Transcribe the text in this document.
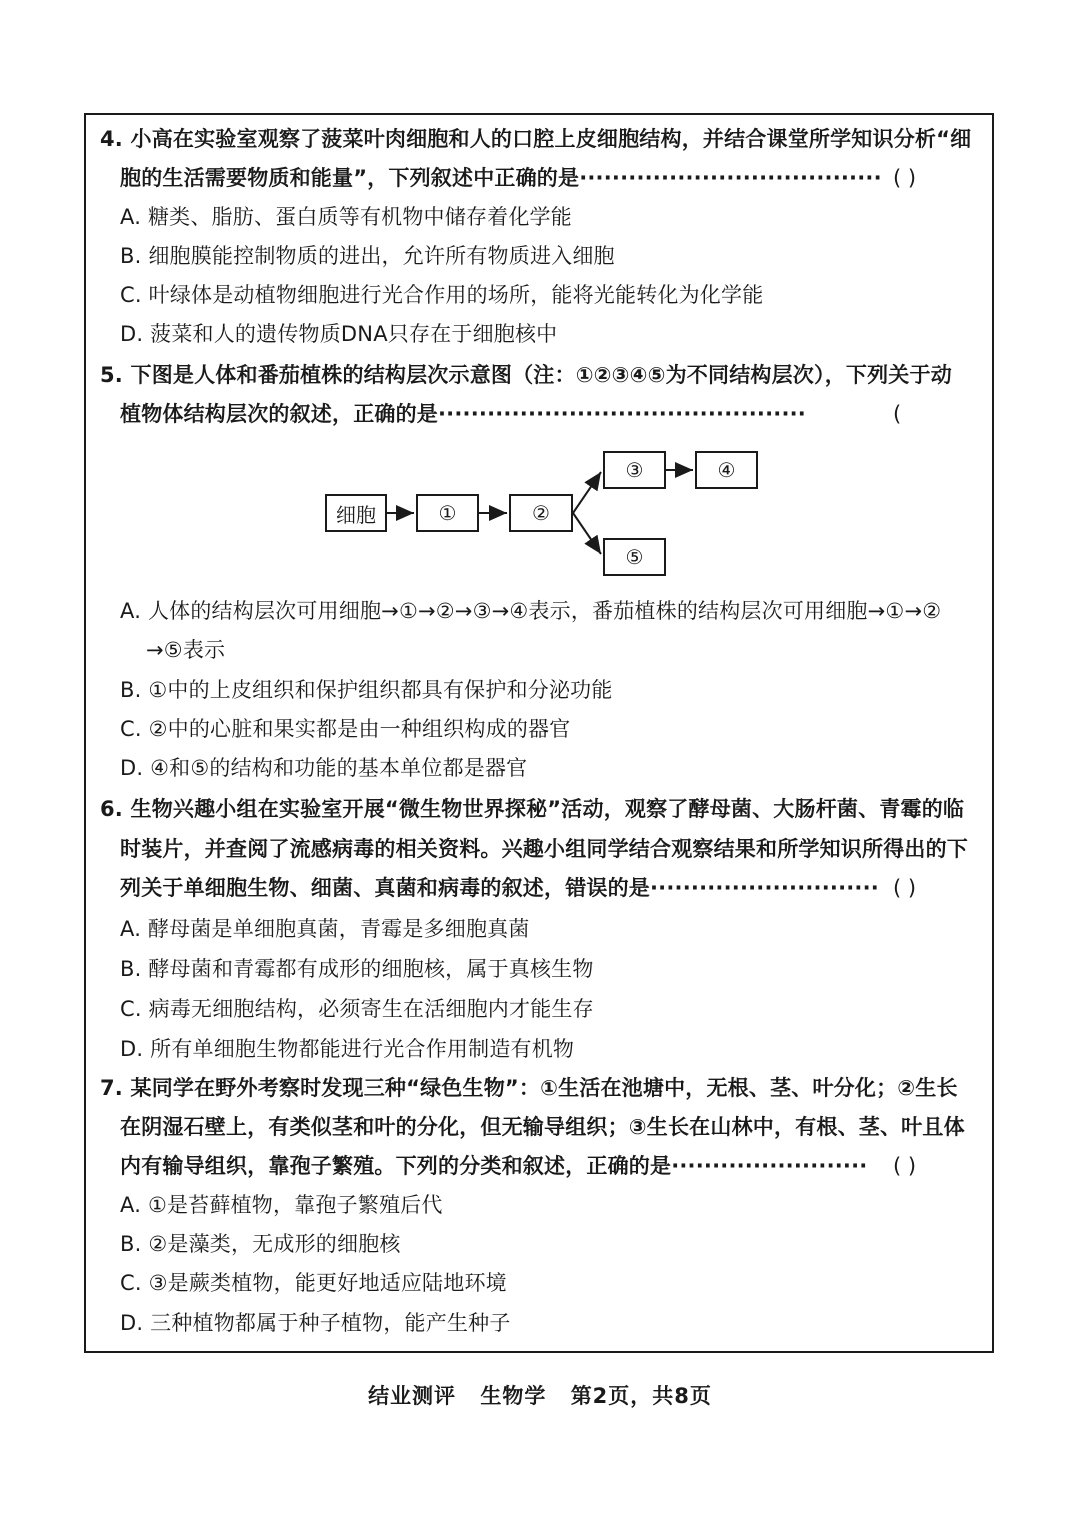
4. 小高在实验室观察了菠菜叶肉细胞和人的口腔上皮细胞结构，并结合课堂所学知识分析“细
胞的生活需要物质和能量”，下列叙述中正确的是····································· ( )
A. 糖类、脂肪、蛋白质等有机物中储存着化学能
B. 细胞膜能控制物质的进出，允许所有物质进入细胞
C. 叶绿体是动植物细胞进行光合作用的场所，能将光能转化为化学能
D. 菠菜和人的遗传物质DNA只存在于细胞核中
5. 下图是人体和番茄植株的结构层次示意图（注：①②③④⑤为不同结构层次），下列关于动
植物体结构层次的叙述，正确的是·············································	(
细胞	①	②
③	④
⑤
A. 人体的结构层次可用细胞→①→②→③→④表示，番茄植株的结构层次可用细胞→①→②
→⑤表示
B. ①中的上皮组织和保护组织都具有保护和分泌功能
C. ②中的心脏和果实都是由一种组织构成的器官
D. ④和⑤的结构和功能的基本单位都是器官
6. 生物兴趣小组在实验室开展“微生物世界探秘”活动，观察了酵母菌、大肠杆菌、青霉的临
时装片，并查阅了流感病毒的相关资料。兴趣小组同学结合观察结果和所学知识所得出的下
列关于单细胞生物、细菌、真菌和病毒的叙述，错误的是···························· ( )
A. 酵母菌是单细胞真菌，青霉是多细胞真菌
B. 酵母菌和青霉都有成形的细胞核，属于真核生物
C. 病毒无细胞结构，必须寄生在活细胞内才能生存
D. 所有单细胞生物都能进行光合作用制造有机物
7. 某同学在野外考察时发现三种“绿色生物”：①生活在池塘中，无根、茎、叶分化；②生长
在阴湿石壁上，有类似茎和叶的分化，但无输导组织；③生长在山林中，有根、茎、叶且体
内有输导组织，靠孢子繁殖。下列的分类和叙述，正确的是························ ( )
A. ①是苔藓植物，靠孢子繁殖后代
B. ②是藻类，无成形的细胞核
C. ③是蕨类植物，能更好地适应陆地环境
D. 三种植物都属于种子植物，能产生种子
结业测评 生物学 第2页，共8页
